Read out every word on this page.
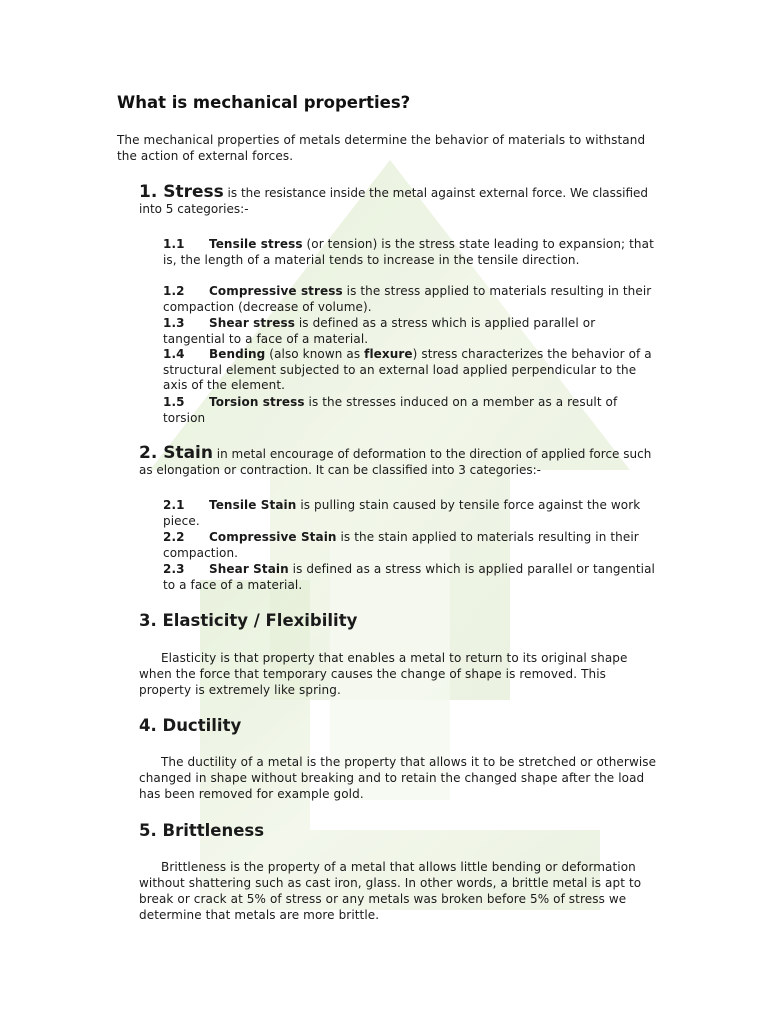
What is mechanical properties?
The mechanical properties of metals determine the behavior of materials to withstand the action of external forces.
1. Stress is the resistance inside the metal against external force. We classified into 5 categories:-
1.1 Tensile stress (or tension) is the stress state leading to expansion; that is, the length of a material tends to increase in the tensile direction.
1.2 Compressive stress is the stress applied to materials resulting in their compaction (decrease of volume).
1.3 Shear stress is defined as a stress which is applied parallel or tangential to a face of a material.
1.4 Bending (also known as flexure) stress characterizes the behavior of a structural element subjected to an external load applied perpendicular to the axis of the element.
1.5 Torsion stress is the stresses induced on a member as a result of torsion
2. Stain in metal encourage of deformation to the direction of applied force such as elongation or contraction. It can be classified into 3 categories:-
2.1 Tensile Stain is pulling stain caused by tensile force against the work piece.
2.2 Compressive Stain is the stain applied to materials resulting in their compaction.
2.3 Shear Stain is defined as a stress which is applied parallel or tangential to a face of a material.
3. Elasticity / Flexibility
Elasticity is that property that enables a metal to return to its original shape when the force that temporary causes the change of shape is removed. This property is extremely like spring.
4. Ductility
The ductility of a metal is the property that allows it to be stretched or otherwise changed in shape without breaking and to retain the changed shape after the load has been removed for example gold.
5. Brittleness
Brittleness is the property of a metal that allows little bending or deformation without shattering such as cast iron, glass. In other words, a brittle metal is apt to break or crack at 5% of stress or any metals was broken before 5% of stress we determine that metals are more brittle.
